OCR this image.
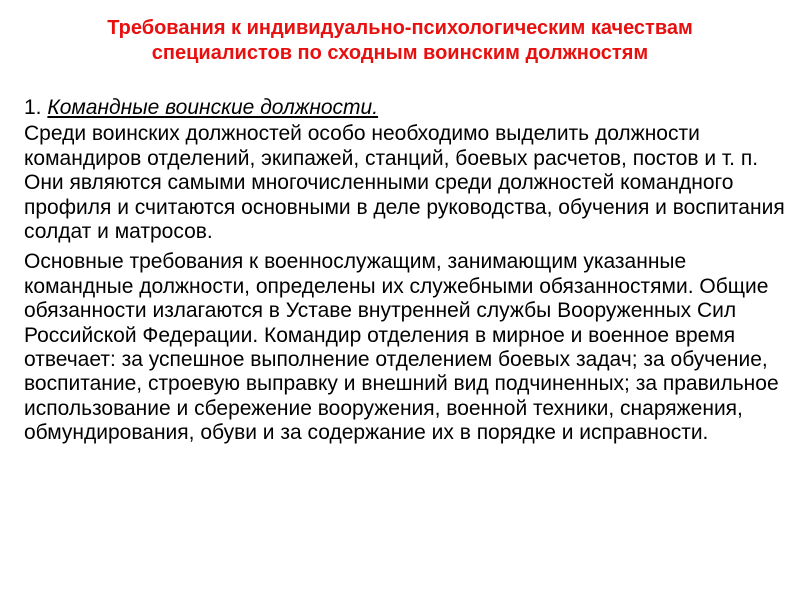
Требования к индивидуально-психологическим качествам специалистов по сходным воинским должностям

1. Командные воинские должности.

Среди воинских должностей особо необходимо выделить должности командиров отделений, экипажей, станций, боевых расчетов, постов и т. п. Они являются самыми многочисленными среди должностей командного профиля и считаются основными в деле руководства, обучения и воспитания солдат и матросов.

Основные требования к военнослужащим, занимающим указанные командные должности, определены их служебными обязанностями. Общие обязанности излагаются в Уставе внутренней службы Вооруженных Сил Российской Федерации. Командир отделения в мирное и военное время отвечает: за успешное выполнение отделением боевых задач; за обучение, воспитание, строевую выправку и внешний вид подчиненных; за правильное использование и сбережение вооружения, военной техники, снаряжения, обмундирования, обуви и за содержание их в порядке и исправности.
